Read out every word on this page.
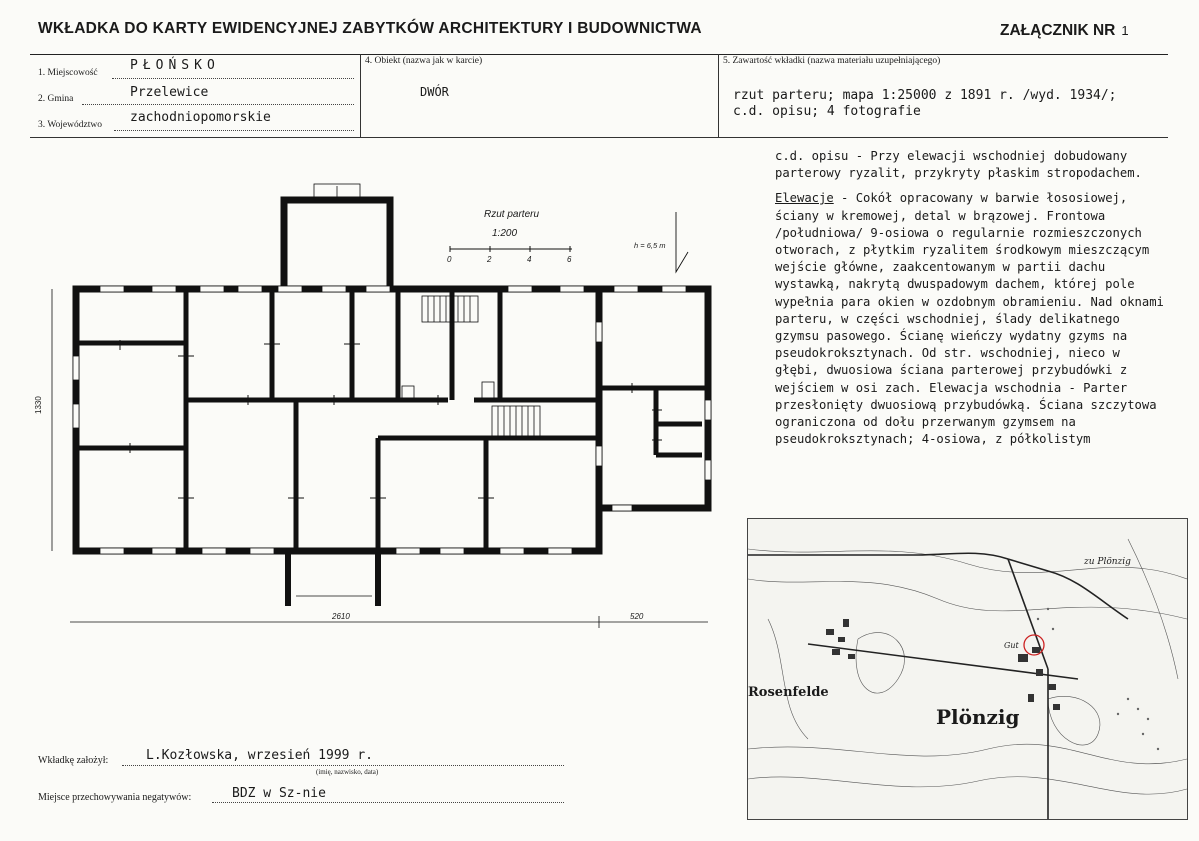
WKŁADKA DO KARTY EWIDENCYJNEJ ZABYTKÓW ARCHITEKTURY I BUDOWNICTWA	ZAŁĄCZNIK NR 1
1. Miejscowość PŁOŃSKO
2. Gmina	Przelewice
3. Województwo zachodniopomorskie
4. Obiekt (nazwa jak w karcie)
DWÓR
5. Zawartość wkładki (nazwa materiału uzupełniającego)
rzut parteru; mapa 1:25000 z 1891 r. /wyd. 1934/;
c.d. opisu; 4 fotografie
Rzut parteru
1:200
0	2	4	6
h = 6,5 m
1330
2610	520

c.d. opisu - Przy elewacji wschodniej dobudowany parterowy ryzalit, przykryty płaskim stropodachem.

Elewacje - Cokół opracowany w barwie łososiowej, ściany w kremowej, detal w brązowej. Frontowa /południowa/ 9-osiowa o regularnie rozmieszczonych otworach, z płytkim ryzalitem środkowym mieszczącym wejście główne, zaakcentowanym w partii dachu wystawką, nakrytą dwuspadowym dachem, której pole wypełnia para okien w ozdobnym obramieniu. Nad oknami parteru, w części wschodniej, ślady delikatnego gzymsu pasowego. Ścianę wieńczy wydatny gzyms na pseudokroksztynach. Od str. wschodniej, nieco w głębi, dwuosiowa ściana parterowej przybudówki z wejściem w osi zach. Elewacja wschodnia - Parter przesłonięty dwuosiową przybudówką. Ściana szczytowa ograniczona od dołu przerwanym gzymsem na pseudokroksztynach; 4-osiowa, z półkolistym

Rosenfelde
Plönzig
zu Plönzig
Gut
Wkładkę założył:	L.Kozłowska, wrzesień 1999 r.
(imię, nazwisko, data)
Miejsce przechowywania negatywów:	BDZ w Sz-nie
